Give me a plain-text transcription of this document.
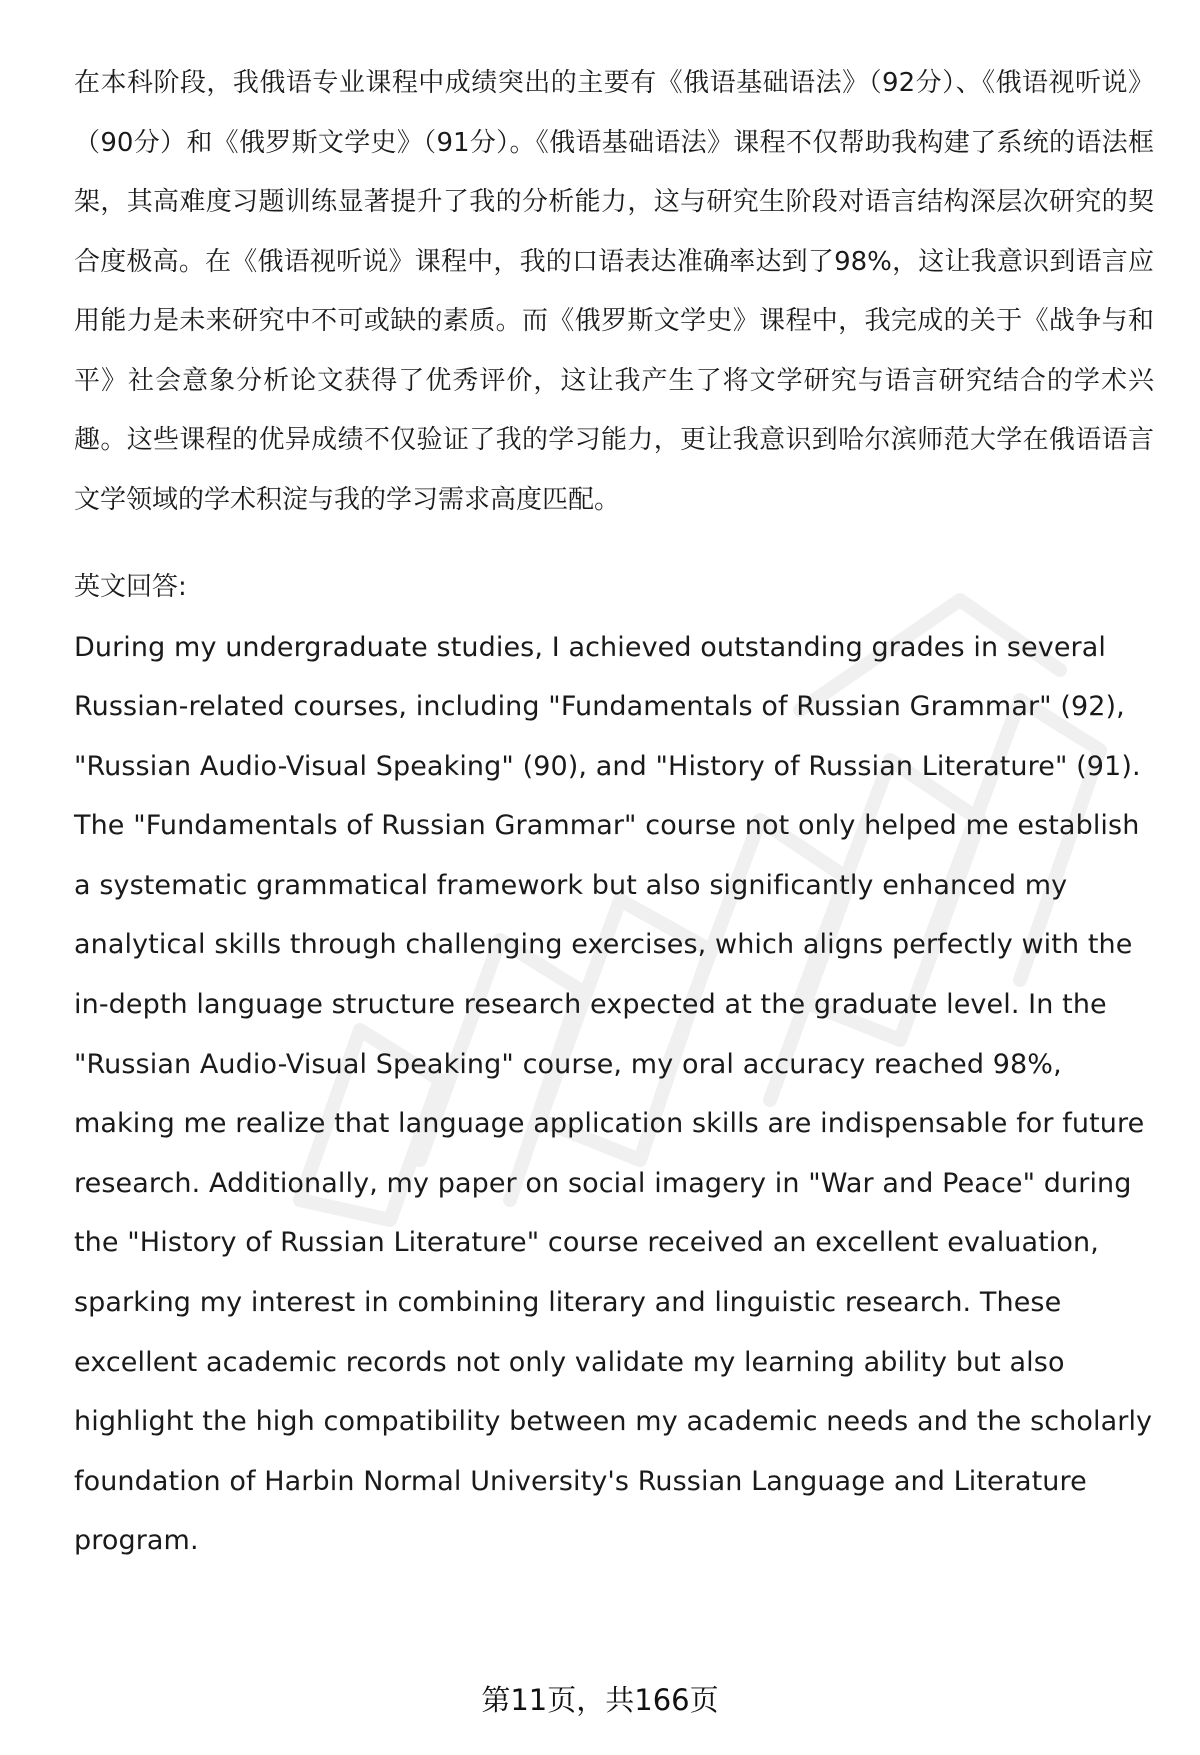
在本科阶段，我俄语专业课程中成绩突出的主要有《俄语基础语法》（92分）、《俄语视听说》（90分）和《俄罗斯文学史》（91分）。《俄语基础语法》课程不仅帮助我构建了系统的语法框架，其高难度习题训练显著提升了我的分析能力，这与研究生阶段对语言结构深层次研究的契合度极高。在《俄语视听说》课程中，我的口语表达准确率达到了98%，这让我意识到语言应用能力是未来研究中不可或缺的素质。而《俄罗斯文学史》课程中，我完成的关于《战争与和平》社会意象分析论文获得了优秀评价，这让我产生了将文学研究与语言研究结合的学术兴趣。这些课程的优异成绩不仅验证了我的学习能力，更让我意识到哈尔滨师范大学在俄语语言文学领域的学术积淀与我的学习需求高度匹配。

英文回答:

During my undergraduate studies, I achieved outstanding grades in several Russian-related courses, including "Fundamentals of Russian Grammar" (92), "Russian Audio-Visual Speaking" (90), and "History of Russian Literature" (91). The "Fundamentals of Russian Grammar" course not only helped me establish a systematic grammatical framework but also significantly enhanced my analytical skills through challenging exercises, which aligns perfectly with the in-depth language structure research expected at the graduate level. In the "Russian Audio-Visual Speaking" course, my oral accuracy reached 98%, making me realize that language application skills are indispensable for future research. Additionally, my paper on social imagery in "War and Peace" during the "History of Russian Literature" course received an excellent evaluation, sparking my interest in combining literary and linguistic research. These excellent academic records not only validate my learning ability but also highlight the high compatibility between my academic needs and the scholarly foundation of Harbin Normal University's Russian Language and Literature program.

第11页，共166页
